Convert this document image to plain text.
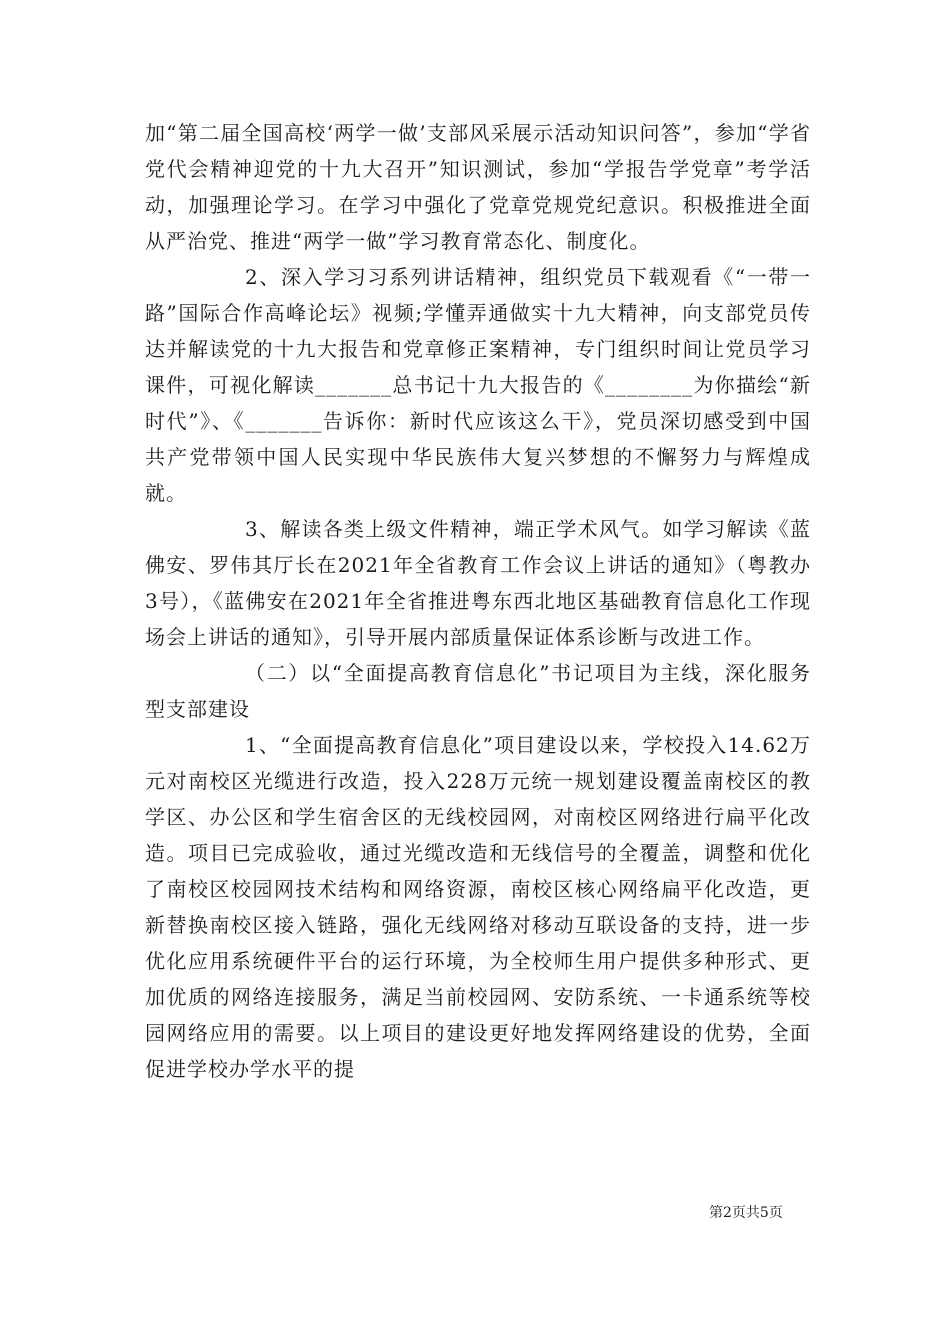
加“第二届全国高校‘两学一做’支部风采展示活动知识问答”，参加“学省党代会精神迎党的十九大召开”知识测试，参加“学报告学党章”考学活动，加强理论学习。在学习中强化了党章党规党纪意识。积极推进全面从严治党、推进“两学一做”学习教育常态化、制度化。

2、深入学习习系列讲话精神，组织党员下载观看《“一带一路”国际合作高峰论坛》视频;学懂弄通做实十九大精神，向支部党员传达并解读党的十九大报告和党章修正案精神，专门组织时间让党员学习课件，可视化解读_______总书记十九大报告的《________为你描绘“新时代”》、《_______告诉你：新时代应该这么干》，党员深切感受到中国共产党带领中国人民实现中华民族伟大复兴梦想的不懈努力与辉煌成就。

3、解读各类上级文件精神，端正学术风气。如学习解读《蓝佛安、罗伟其厅长在2021年全省教育工作会议上讲话的通知》（粤教办3号），《蓝佛安在2021年全省推进粤东西北地区基础教育信息化工作现场会上讲话的通知》，引导开展内部质量保证体系诊断与改进工作。

（二）以“全面提高教育信息化”书记项目为主线，深化服务型支部建设

1、“全面提高教育信息化”项目建设以来，学校投入14.62万元对南校区光缆进行改造，投入228万元统一规划建设覆盖南校区的教学区、办公区和学生宿舍区的无线校园网，对南校区网络进行扁平化改造。项目已完成验收，通过光缆改造和无线信号的全覆盖，调整和优化了南校区校园网技术结构和网络资源，南校区核心网络扁平化改造，更新替换南校区接入链路，强化无线网络对移动互联设备的支持，进一步优化应用系统硬件平台的运行环境，为全校师生用户提供多种形式、更加优质的网络连接服务，满足当前校园网、安防系统、一卡通系统等校园网络应用的需要。以上项目的建设更好地发挥网络建设的优势，全面促进学校办学水平的提

第2页共5页
